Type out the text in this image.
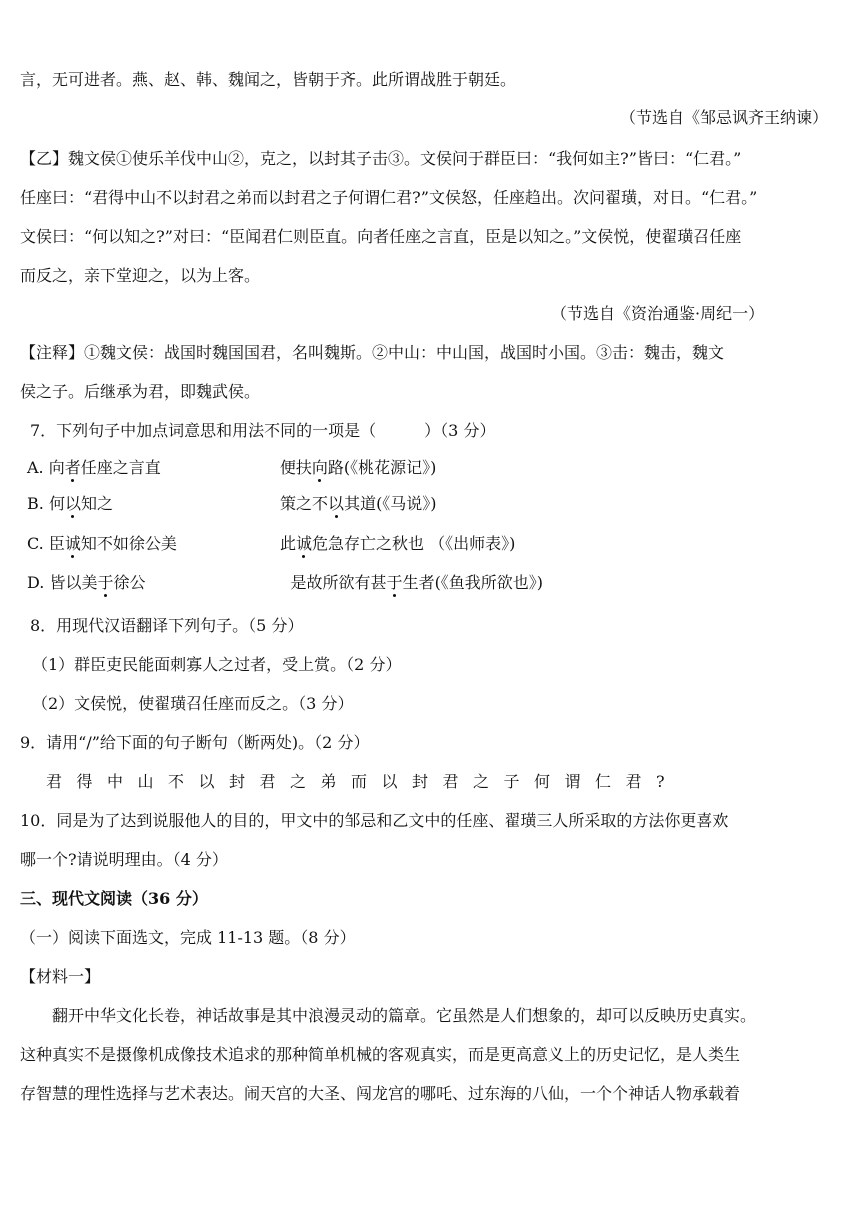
言，无可进者。燕、赵、韩、魏闻之，皆朝于齐。此所谓战胜于朝廷。
（节选自《邹忌讽齐王纳谏）
【乙】魏文侯①使乐羊伐中山②，克之，以封其子击③。文侯问于群臣曰：“我何如主?”皆曰：“仁君。”
任座曰：“君得中山不以封君之弟而以封君之子何谓仁君?”文侯怒，任座趋出。次问翟璜，对日。“仁君。”
文侯曰：“何以知之?”对曰：“臣闻君仁则臣直。向者任座之言直，臣是以知之。”文侯悦，使翟璜召任座
而反之，亲下堂迎之，以为上客。
（节选自《资治通鉴·周纪一）
【注释】①魏文侯：战国时魏国国君，名叫魏斯。②中山：中山国，战国时小国。③击：魏击，魏文
侯之子。后继承为君，即魏武侯。
7．下列句子中加点词意思和用法不同的一项是（　　　）（3 分）
A. 向者任座之言直	便扶向路(《桃花源记》)
B. 何以知之	策之不以其道(《马说》)
C. 臣诚知不如徐公美	此诚危急存亡之秋也 （《出师表》)
D. 皆以美于徐公	是故所欲有甚于生者(《鱼我所欲也》)
8．用现代汉语翻译下列句子。（5 分）
（1）群臣吏民能面刺寡人之过者，受上赏。（2 分）
（2）文侯悦，使翟璜召任座而反之。（3 分）
9．请用“/”给下面的句子断句（断两处)。（2 分）
君得中山不以封君之弟而以封君之子何谓仁君?
10．同是为了达到说服他人的目的，甲文中的邹忌和乙文中的任座、翟璜三人所采取的方法你更喜欢
哪一个?请说明理由。（4 分）
三、现代文阅读（36 分）
（一）阅读下面选文，完成 11-13 题。（8 分）
【材料一】
翻开中华文化长卷，神话故事是其中浪漫灵动的篇章。它虽然是人们想象的，却可以反映历史真实。
这种真实不是摄像机成像技术追求的那种简单机械的客观真实，而是更高意义上的历史记忆，是人类生
存智慧的理性选择与艺术表达。闹天宫的大圣、闯龙宫的哪吒、过东海的八仙，一个个神话人物承载着
